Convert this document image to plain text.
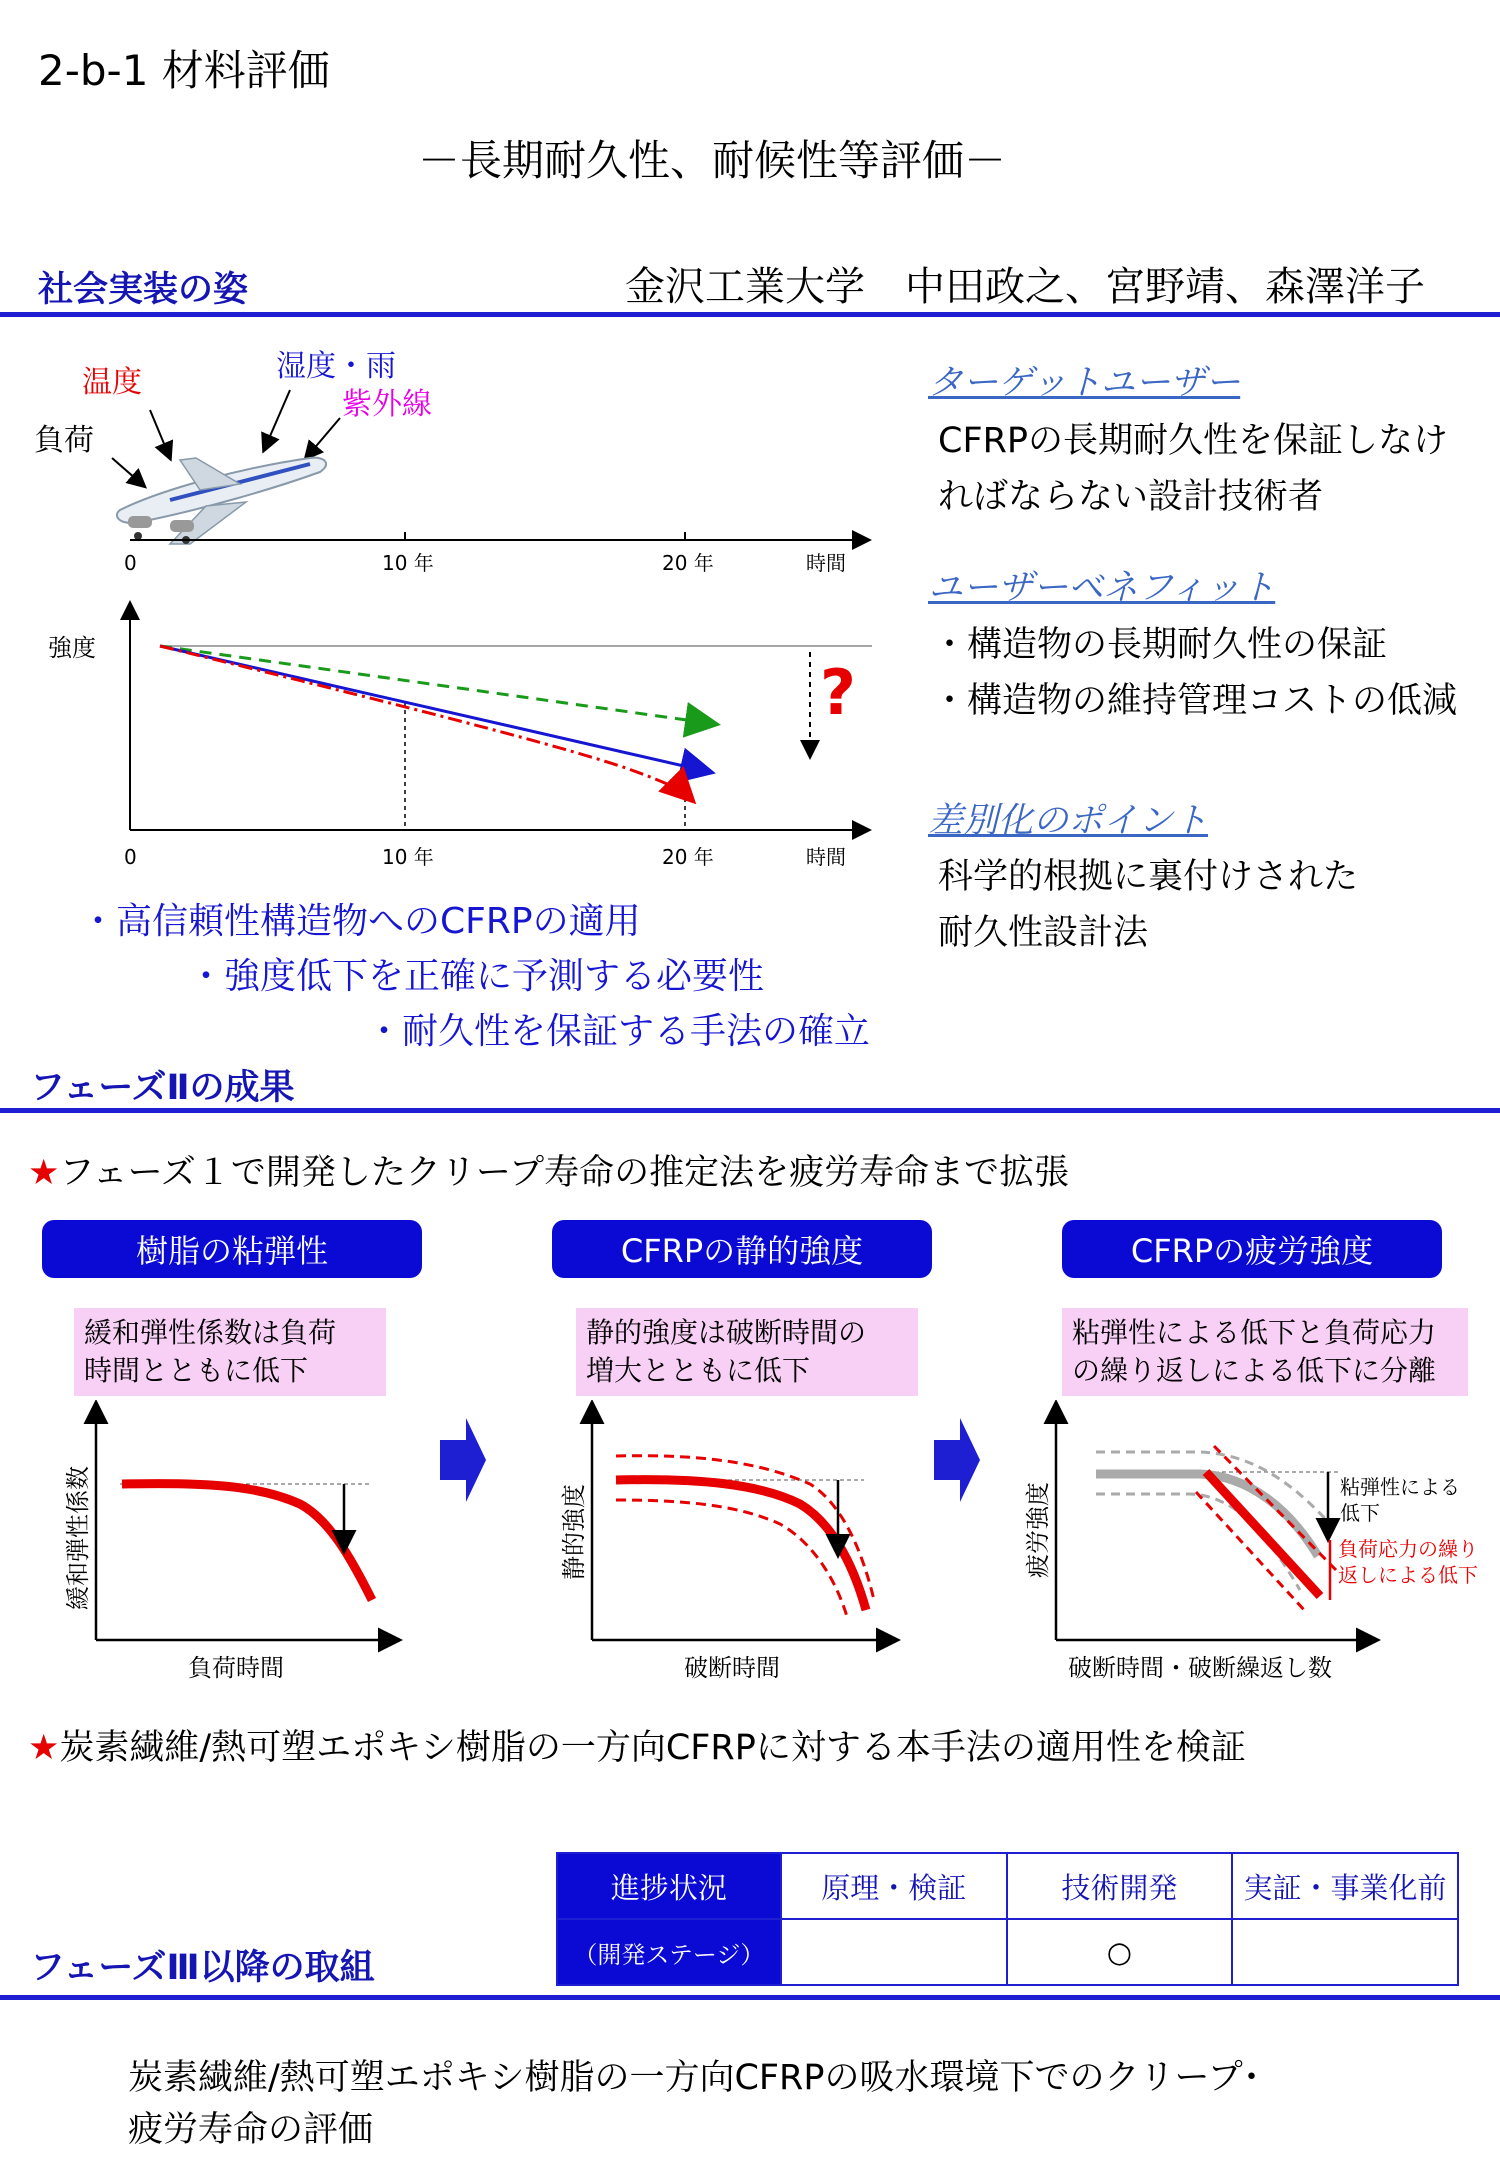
2-b-1 材料評価
－長期耐久性、耐候性等評価－
社会実装の姿	金沢工業大学　中田政之、宮野靖、森澤洋子
温度	湿度・雨
紫外線
負荷
0	10 年	20 年	時間
強度
?
0	10 年	20 年	時間
・高信頼性構造物へのCFRPの適用
・強度低下を正確に予測する必要性
・耐久性を保証する手法の確立
ターゲットユーザー
CFRPの長期耐久性を保証しなけ
ればならない設計技術者
ユーザーベネフィット
・構造物の長期耐久性の保証
・構造物の維持管理コストの低減
差別化のポイント
科学的根拠に裏付けされた
耐久性設計法
フェーズⅡの成果
★フェーズ１で開発したクリープ寿命の推定法を疲労寿命まで拡張
樹脂の粘弾性	CFRPの静的強度	CFRPの疲労強度
緩和弾性係数は負荷
時間とともに低下
静的強度は破断時間の
増大とともに低下
粘弾性による低下と負荷応力
の繰り返しによる低下に分離
緩和弾性係数
負荷時間
静的強度
破断時間
疲労強度
破断時間・破断繰返し数
粘弾性による
低下
負荷応力の繰り
返しによる低下
★炭素繊維/熱可塑エポキシ樹脂の一方向CFRPに対する本手法の適用性を検証
フェーズⅢ以降の取組
進捗状況	原理・検証	技術開発	実証・事業化前
（開発ステージ）		○	
炭素繊維/熱可塑エポキシ樹脂の一方向CFRPの吸水環境下でのクリープ･
疲労寿命の評価
